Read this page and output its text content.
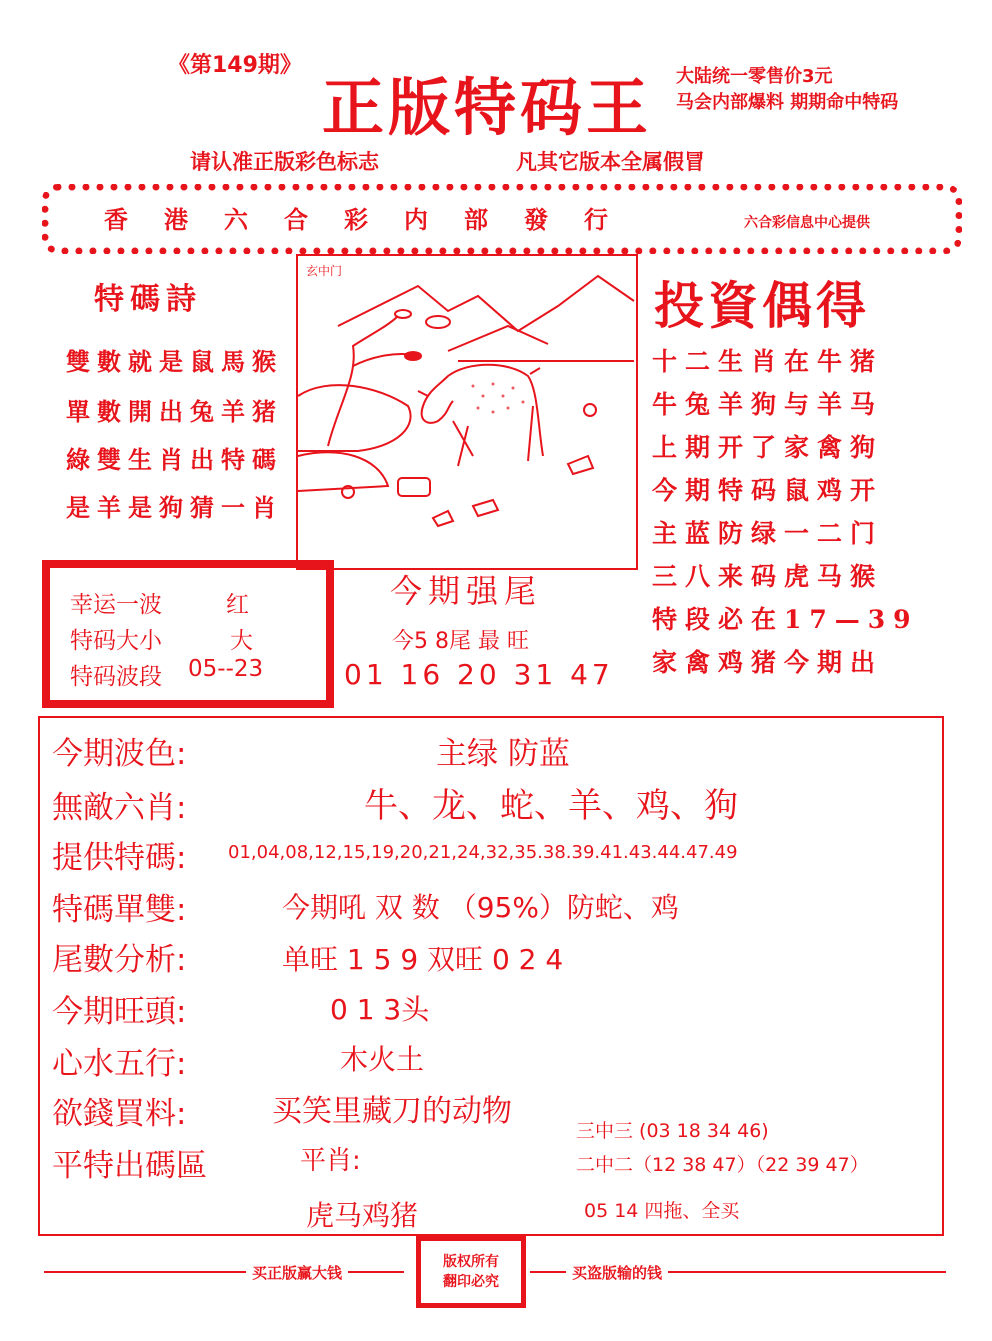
《第149期》
正版特码王 大陆统一零售价3元
马会内部爆料 期期命中特码
请认准正版彩色标志	凡其它版本全属假冒
香港六合彩内部發行	六合彩信息中心提供
特碼詩
雙數就是鼠馬猴
單數開出兔羊猪
綠雙生肖出特碼
是羊是狗猜一肖
玄中门
投資偶得
十二生肖在牛猪
牛兔羊狗与羊马
上期开了家禽狗
今期特码鼠鸡开
主蓝防绿一二门
三八来码虎马猴
特段必在17—39
家禽鸡猪今期出
幸运一波	红
特码大小	大
特码波段 05--23
今期强尾
今5 8尾 最 旺
01 16 20 31 47
今期波色:	主绿 防蓝
無敵六肖:	牛、龙、蛇、羊、鸡、狗
提供特碼: 01,04,08,12,15,19,20,21,24,32,35.38.39.41.43.44.47.49
特碼單雙:	今期吼 双 数 （95%）防蛇、鸡
尾數分析:	单旺 1 5 9 双旺 0 2 4
今期旺頭:	0 1 3头
心水五行:	木火土
欲錢買料:	买笑里藏刀的动物
平特出碼區	平肖:
虎马鸡猪
三中三 (03 18 34 46)
二中二（12 38 47）（22 39 47）
05 14 四拖、全买
买正版赢大钱	买盗版输的钱
版权所有
翻印必究
